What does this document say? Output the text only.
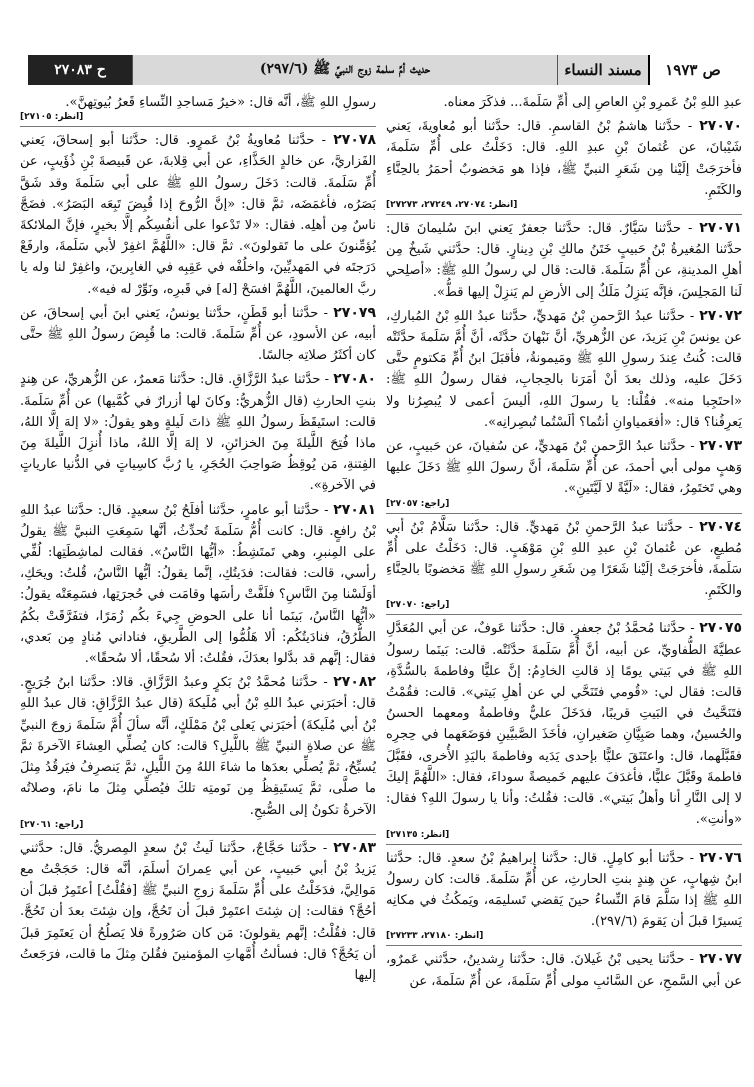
ص ١٩٧٣
مسند النساء
حديث أمِّ سلمة زوج النبيِّ ﷺ (٢٩٧/٦)
ح ٢٧٠٨٣

عبدِ اللهِ بْنُ عَمرِو بْنِ العاصِ إلى أُمِّ سَلَمةَ... فذكَرَ معناه.

٢٧٠٧٠ - حدَّثنا هاشمُ بْنُ القاسمِ. قال: حدَّثنا أبو مُعاويةَ، يَعني شَيْبانَ، عن عُثمانَ بْنِ عبدِ اللهِ. قال: دَخَلْتُ على أُمِّ سَلَمةَ، فأخرَجَتْ إلَيْنا مِن شَعَرِ النبيِّ ﷺ، فإذا هو مَخضوبٌ أحمَرُ بالحِنَّاءِ والكَتَمِ.
[انظر: ٢٧٠٧٤، ٢٧٢٤٩، ٢٧٢٧٣]

٢٧٠٧١ - حدَّثنا سَيَّارٌ. قال: حدَّثنا جعفرٌ يَعني ابنَ سُليمانَ قال: حدَّثنا المُغيرةُ بْنُ حَبيبٍ خَتَنُ مالكِ بْنِ دِينارٍ. قال: حدَّثني شَيخٌ مِن أهلِ المدينةِ، عن أُمِّ سَلَمةَ. قالت: قال لي رسولُ اللهِ ﷺ: «أصلِحي لَنا المَجلِسَ، فإنَّه يَنزِلُ مَلَكٌ إلى الأرضِ لم يَنزِلْ إليها قطُّ».

٢٧٠٧٢ - حدَّثنا عبدُ الرَّحمنِ بْنُ مَهديٍّ، حدَّثنا عبدُ اللهِ بْنُ المُباركِ، عن يونسَ بْنِ يَزيدَ، عن الزُّهريِّ، أنَّ نَبْهانَ حدَّثَه، أنَّ أُمَّ سَلَمةَ حدَّثَتْه قالت: كُنتُ عِندَ رسولِ اللهِ ﷺ ومَيمونةُ، فأقبَلَ ابنُ أُمِّ مَكتومٍ حتَّى دَخَلَ عليه، وذلك بعدَ أنْ أمَرَنا بالحِجابِ، فقال رسولُ اللهِ ﷺ: «احتَجِبا منه». فقُلْنا: يا رسولَ اللهِ، أليسَ أعمى لا يُبصِرُنا ولا يَعرِفُنا؟ قال: «أفعَمياوانِ أنتُما؟ ألَسْتُما تُبصِرانِه».

٢٧٠٧٣ - حدَّثنا عبدُ الرَّحمنِ بْنُ مَهديٍّ، عن سُفيانَ، عن حَبيبٍ، عن وَهبٍ مولى أبي أحمدَ، عن أُمِّ سَلَمةَ، أنَّ رسولَ اللهِ ﷺ دَخَلَ عليها وهي تَختَمِرُ، فقال: «لَيَّةً لا لَيَّتَينِ».
[راجع: ٢٧٠٥٧]

٢٧٠٧٤ - حدَّثنا عبدُ الرَّحمنِ بْنُ مَهديٍّ. قال: حدَّثنا سَلَّامُ بْنُ أبي مُطيعٍ، عن عُثمانَ بْنِ عبدِ اللهِ بْنِ مَوْهَبٍ. قال: دَخَلْتُ على أُمِّ سَلَمةَ، فأخرَجَتْ إلَيْنا شَعَرًا مِن شَعَرِ رسولِ اللهِ ﷺ مَخضوبًا بالحِنَّاءِ والكَتَمِ.
[راجع: ٢٧٠٧٠]

٢٧٠٧٥ - حدَّثنا مُحمَّدُ بْنُ جعفرٍ. قال: حدَّثنا عَوفٌ، عن أبي المُعَدَّلِ عطيَّةَ الطُّفاويِّ، عن أبيه، أنَّ أُمَّ سَلَمةَ حدَّثَتْه. قالت: بَينَما رسولُ اللهِ ﷺ في بَيتي يومًا إذ قالتِ الخادِمُ: إنَّ عليًّا وفاطمةَ بالسُّدَّةِ، قالت: فقال لي: «قُومي فتَنَحَّي لي عن أهلِ بَيتي». قالت: فقُمْتُ فتَنَحَّيتُ في البَيتِ قريبًا، فدَخَلَ عليٌّ وفاطمةُ ومعهما الحسنُ والحُسينُ، وهما صَبِيَّانِ صَغيرانِ، فأخَذَ الصَّبيَّينِ فوَضَعَهما في حِجرِه فقَبَّلَهما، قال: واعتَنَقَ عليًّا بإحدى يَدَيه وفاطمةَ باليَدِ الأُخرى، فقَبَّلَ فاطمةَ وقَبَّلَ عليًّا، فأغدَفَ عليهم خَميصةً سوداءَ، فقال: «اللَّهُمَّ إليكَ لا إلى النَّارِ أنا وأهلُ بَيتي». قالت: فقُلتُ: وأنا يا رسولَ اللهِ؟ فقال: «وأنتِ».
[انظر: ٢٧١٣٥]

٢٧٠٧٦ - حدَّثنا أبو كامِلٍ. قال: حدَّثنا إبراهيمُ بْنُ سعدٍ. قال: حدَّثنا ابنُ شِهابٍ، عن هِندٍ بنتِ الحارثِ، عن أُمِّ سَلَمةَ. قالت: كان رسولُ اللهِ ﷺ إذا سَلَّمَ قامَ النِّساءُ حينَ يَقضي تَسليمَه، ويَمكُثُ في مكانِه يَسيرًا قبلَ أن يَقومَ (٢٩٧/٦).
[انظر: ٢٧١٨٠، ٢٧٢٣٣]

٢٧٠٧٧ - حدَّثنا يحيى بْنُ غَيلانَ. قال: حدَّثنا رِشدينُ، حدَّثني عَمرٌو، عن أبي السَّمحِ، عن السَّائبِ مولى أُمِّ سَلَمةَ، عن أُمِّ سَلَمةَ، عن

رسولِ اللهِ ﷺ، أنَّه قال: «خيرُ مَساجدِ النِّساءِ قَعرُ بُيوتِهنَّ».
[انظر: ٢٧١٠٥]

٢٧٠٧٨ - حدَّثنا مُعاويةُ بْنُ عَمرٍو. قال: حدَّثنا أبو إسحاقَ، يَعني الفَزاريَّ، عن خالدٍ الحَذَّاءِ، عن أبي قِلابةَ، عن قَبيصةَ بْنِ ذُؤَيبٍ، عن أُمِّ سَلَمةَ. قالت: دَخَلَ رسولُ اللهِ ﷺ على أبي سَلَمةَ وقد شَقَّ بَصَرُه، فأغمَضَه، ثمَّ قال: «إنَّ الرُّوحَ إذا قُبِضَ تَبِعَه البَصَرُ». فضَجَّ ناسٌ مِن أهلِه. فقال: «لا تَدْعوا على أنفُسِكُم إلَّا بخيرٍ، فإنَّ الملائكةَ يُؤمِّنونَ على ما تَقولونَ». ثمَّ قال: «اللَّهُمَّ اغفِرْ لأبي سَلَمةَ، وارفَعْ دَرَجتَه في المَهديِّينَ، واخلُفْه في عَقِبِه في الغابِرينَ، واغفِرْ لنا وله يا ربَّ العالمينَ، اللَّهُمَّ افسَحْ [له] في قَبرِه، ونَوِّرْ له فيه».

٢٧٠٧٩ - حدَّثنا أبو قَطَنٍ، حدَّثنا يونسُ، يَعني ابنَ أبي إسحاقَ، عن أبيه، عن الأسودِ، عن أُمِّ سَلَمةَ. قالت: ما قُبِضَ رسولُ اللهِ ﷺ حتَّى كان أكثَرُ صلاتِه جالسًا.

٢٧٠٨٠ - حدَّثنا عبدُ الرَّزَّاقِ. قال: حدَّثنا مَعمرٌ، عن الزُّهريِّ، عن هِندٍ بنتِ الحارثِ (قال الزُّهريُّ: وكانَ لها أزرارٌ في كُمَّيها) عن أُمِّ سَلَمةَ. قالت: استَيقَظَ رسولُ اللهِ ﷺ ذاتَ لَيلةٍ وهو يقولُ: «لا إلهَ إلَّا اللهُ، ماذا فُتِحَ اللَّيلةَ مِنَ الخزائنِ، لا إلهَ إلَّا اللهُ، ماذا أُنزِلَ اللَّيلةَ مِنَ الفِتنةِ، مَن يُوقِظُ صَواحِبَ الحُجَرِ، يا رُبَّ كاسِياتٍ في الدُّنيا عارياتٍ في الآخرةِ».

٢٧٠٨١ - حدَّثنا أبو عامرٍ، حدَّثنا أفلَحُ بْنُ سعيدٍ. قال: حدَّثنا عبدُ اللهِ بْنُ رافعٍ. قال: كانت أُمُّ سَلَمةَ تُحدِّثُ، أنَّها سَمِعَتِ النبيَّ ﷺ يقولُ على المِنبرِ، وهي تَمتَشِطُ: «أيُّها النَّاسُ». فقالت لماشِطَتِها: لُفِّي رأسي، قالت: فقالت: فدَيتُكِ، إنَّما يقولُ: أيُّها النَّاسُ، قُلتُ: ويحَكِ، أوَلَسْنا مِنَ النَّاسِ؟ فلَفَّتْ رأسَها وقامَت في حُجرَتِها، فسَمِعَتْه يقولُ: «أيُّها النَّاسُ، بَينَما أنا على الحوضِ جِيءَ بكُم زُمَرًا، فتفَرَّقَتْ بكُمُ الطُّرُقُ، فنادَيتُكُم: ألا هَلُمُّوا إلى الطَّريقِ، فناداني مُنادٍ مِن بَعدي، فقال: إنَّهم قد بدَّلوا بعدَكَ، فقُلتُ: ألا سُحقًا، ألا سُحقًا».

٢٧٠٨٢ - حدَّثنا مُحمَّدُ بْنُ بَكرٍ وعبدُ الرَّزَّاقِ. قالا: حدَّثنا ابنُ جُرَيجٍ. قال: أخبَرَني عبدُ اللهِ بْنُ أبي مُلَيكةَ (قال عبدُ الرَّزَّاقِ: قال عبدُ اللهِ بْنُ أبي مُلَيكةَ) أخبَرَني يَعلى بْنُ مَمْلَكٍ، أنَّه سألَ أُمَّ سَلَمةَ زوجَ النبيِّ ﷺ عن صلاةِ النبيِّ ﷺ باللَّيلِ؟ قالت: كان يُصلِّي العِشاءَ الآخرةَ ثمَّ يُسبِّحُ، ثمَّ يُصلِّي بعدَها ما شاءَ اللهُ مِنَ اللَّيلِ، ثمَّ يَنصرِفُ فيَرقُدُ مِثلَ ما صلَّى، ثمَّ يَستَيقِظُ مِن نَومتِه تلكَ فيُصلِّي مِثلَ ما نامَ، وصلاتُه الآخرةُ تكونُ إلى الصُّبحِ.
[راجع: ٢٧٠٦١]

٢٧٠٨٣ - حدَّثنا حَجَّاجٌ، حدَّثنا لَيثُ بْنُ سعدٍ المِصريُّ. قال: حدَّثني يَزيدُ بْنُ أبي حَبيبٍ، عن أبي عِمرانَ أسلَمَ، أنَّه قال: حَجَجْتُ مع مَوالِيَّ، فدَخَلْتُ على أُمِّ سَلَمةَ زوجِ النبيِّ ﷺ [فقُلْتُ] أعتَمِرُ قبلَ أن أحُجَّ؟ فقالت: إن شِئتَ اعتَمِرْ قبلَ أن تَحُجَّ، وإن شِئتَ بعدَ أن تَحُجَّ. قال: فقُلْتُ: إنَّهم يقولونَ: مَن كان صَرُورةً فلا يَصلُحُ أن يَعتَمِرَ قبلَ أن يَحُجَّ؟ قال: فسألتُ أُمَّهاتِ المؤمنينَ فقُلنَ مِثلَ ما قالت، فرَجَعتُ إليها
